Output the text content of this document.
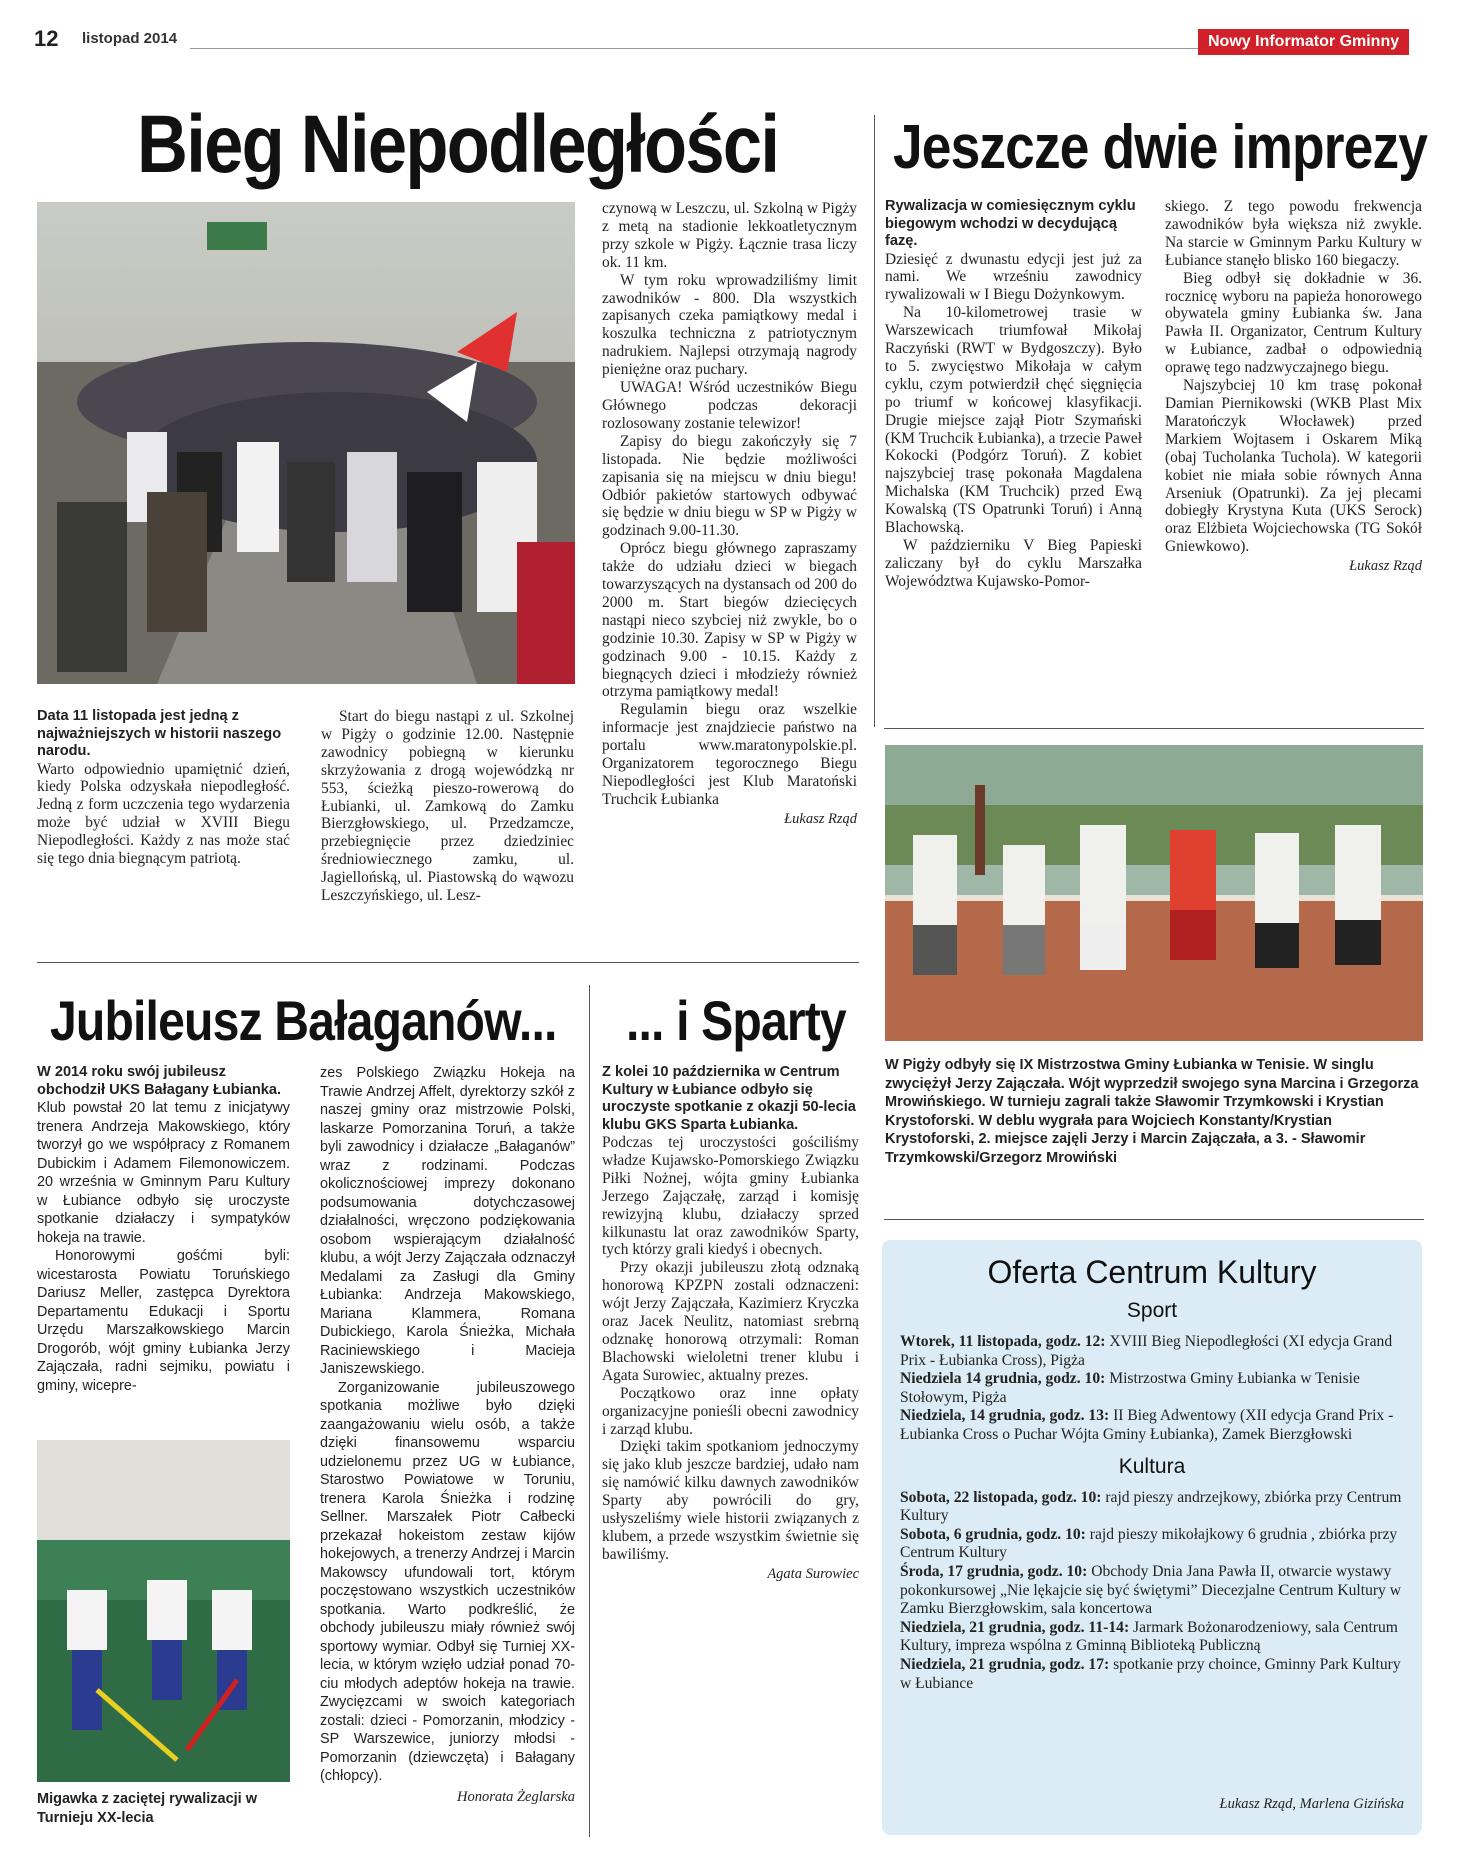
12 listopad 2014	Nowy Informator Gminny
Bieg Niepodległości

Data 11 listopada jest jedną z najważniejszych w historii naszego narodu.

Warto odpowiednio upamiętnić dzień, kiedy Polska odzyskała niepodległość. Jedną z form uczczenia tego wydarzenia może być udział w XVIII Biegu Niepodległości. Każdy z nas może stać się tego dnia biegnącym patriotą.

Start do biegu nastąpi z ul. Szkolnej w Pigży o godzinie 12.00. Następnie zawodnicy pobiegną w kierunku skrzyżowania z drogą wojewódzką nr 553, ścieżką pieszo-rowerową do Łubianki, ul. Zamkową do Zamku Bierzgłowskiego, ul. Przedzamcze, przebiegnięcie przez dziedziniec średniowiecznego zamku, ul. Jagiellońską, ul. Piastowską do wąwozu Leszczyńskiego, ul. Lesz-

czynową w Leszczu, ul. Szkolną w Pigży z metą na stadionie lekkoatletycznym przy szkole w Pigży. Łącznie trasa liczy ok. 11 km.

W tym roku wprowadziliśmy limit zawodników - 800. Dla wszystkich zapisanych czeka pamiątkowy medal i koszulka techniczna z patriotycznym nadrukiem. Najlepsi otrzymają nagrody pieniężne oraz puchary.

UWAGA! Wśród uczestników Biegu Głównego podczas dekoracji rozlosowany zostanie telewizor!

Zapisy do biegu zakończyły się 7 listopada. Nie będzie możliwości zapisania się na miejscu w dniu biegu! Odbiór pakietów startowych odbywać się będzie w dniu biegu w SP w Pigży w godzinach 9.00-11.30.

Oprócz biegu głównego zapraszamy także do udziału dzieci w biegach towarzyszących na dystansach od 200 do 2000 m. Start biegów dziecięcych nastąpi nieco szybciej niż zwykle, bo o godzinie 10.30. Zapisy w SP w Pigży w godzinach 9.00 - 10.15. Każdy z biegnących dzieci i młodzieży również otrzyma pamiątkowy medal!

Regulamin biegu oraz wszelkie informacje jest znajdziecie państwo na portalu www.maratonypolskie.pl. Organizatorem tegorocznego Biegu Niepodległości jest Klub Maratoński Truchcik Łubianka

Łukasz Rząd
Jeszcze dwie imprezy

Rywalizacja w comiesięcznym cyklu biegowym wchodzi w decydującą fazę.

Dziesięć z dwunastu edycji jest już za nami. We wrześniu zawodnicy rywalizowali w I Biegu Dożynkowym.

Na 10-kilometrowej trasie w Warszewicach triumfował Mikołaj Raczyński (RWT w Bydgoszczy). Było to 5. zwycięstwo Mikołaja w całym cyklu, czym potwierdził chęć sięgnięcia po triumf w końcowej klasyfikacji. Drugie miejsce zajął Piotr Szymański (KM Truchcik Łubianka), a trzecie Paweł Kokocki (Podgórz Toruń). Z kobiet najszybciej trasę pokonała Magdalena Michalska (KM Truchcik) przed Ewą Kowalską (TS Opatrunki Toruń) i Anną Blachowską.

W październiku V Bieg Papieski zaliczany był do cyklu Marszałka Województwa Kujawsko-Pomor-

skiego. Z tego powodu frekwencja zawodników była większa niż zwykle. Na starcie w Gminnym Parku Kultury w Łubiance stanęło blisko 160 biegaczy.

Bieg odbył się dokładnie w 36. rocznicę wyboru na papieża honorowego obywatela gminy Łubianka św. Jana Pawła II. Organizator, Centrum Kultury w Łubiance, zadbał o odpowiednią oprawę tego nadzwyczajnego biegu.

Najszybciej 10 km trasę pokonał Damian Piernikowski (WKB Plast Mix Maratończyk Włocławek) przed Markiem Wojtasem i Oskarem Miką (obaj Tucholanka Tuchola). W kategorii kobiet nie miała sobie równych Anna Arseniuk (Opatrunki). Za jej plecami dobiegły Krystyna Kuta (UKS Serock) oraz Elżbieta Wojciechowska (TG Sokół Gniewkowo).

Łukasz Rząd
W Pigży odbyły się IX Mistrzostwa Gminy Łubianka w Tenisie. W singlu zwyciężył Jerzy Zajączała. Wójt wyprzedził swojego syna Marcina i Grzegorza Mrowińskiego. W turnieju zagrali także Sławomir Trzymkowski i Krystian Krystoforski. W deblu wygrała para Wojciech Konstanty/Krystian Krystoforski, 2. miejsce zajęli Jerzy i Marcin Zajączała, a 3. - Sławomir Trzymkowski/Grzegorz Mrowiński
Jubileusz Bałaganów...

W 2014 roku swój jubileusz obchodził UKS Bałagany Łubianka.

Klub powstał 20 lat temu z inicjatywy trenera Andrzeja Makowskiego, który tworzył go we współpracy z Romanem Dubickim i Adamem Filemonowiczem. 20 września w Gminnym Paru Kultury w Łubiance odbyło się uroczyste spotkanie działaczy i sympatyków hokeja na trawie.

Honorowymi gośćmi byli: wicestarosta Powiatu Toruńskiego Dariusz Meller, zastępca Dyrektora Departamentu Edukacji i Sportu Urzędu Marszałkowskiego Marcin Drogorób, wójt gminy Łubianka Jerzy Zajączała, radni sejmiku, powiatu i gminy, wicepre-

Migawka z zaciętej rywalizacji w Turnieju XX-lecia

zes Polskiego Związku Hokeja na Trawie Andrzej Affelt, dyrektorzy szkół z naszej gminy oraz mistrzowie Polski, laskarze Pomorzanina Toruń, a także byli zawodnicy i działacze „Bałaganów” wraz z rodzinami. Podczas okolicznościowej imprezy dokonano podsumowania dotychczasowej działalności, wręczono podziękowania osobom wspierającym działalność klubu, a wójt Jerzy Zajączała odznaczył Medalami za Zasługi dla Gminy Łubianka: Andrzeja Makowskiego, Mariana Klammera, Romana Dubickiego, Karola Śnieżka, Michała Raciniewskiego i Macieja Janiszewskiego.

Zorganizowanie jubileuszowego spotkania możliwe było dzięki zaangażowaniu wielu osób, a także dzięki finansowemu wsparciu udzielonemu przez UG w Łubiance, Starostwo Powiatowe w Toruniu, trenera Karola Śnieżka i rodzinę Sellner. Marszałek Piotr Całbecki przekazał hokeistom zestaw kijów hokejowych, a trenerzy Andrzej i Marcin Makowscy ufundowali tort, którym poczęstowano wszystkich uczestników spotkania. Warto podkreślić, że obchody jubileuszu miały również swój sportowy wymiar. Odbył się Turniej XX-lecia, w którym wzięło udział ponad 70-ciu młodych adeptów hokeja na trawie. Zwycięzcami w swoich kategoriach zostali: dzieci - Pomorzanin, młodzicy - SP Warszewice, juniorzy młodsi - Pomorzanin (dziewczęta) i Bałagany (chłopcy).

Honorata Żeglarska
... i Sparty

Z kolei 10 października w Centrum Kultury w Łubiance odbyło się uroczyste spotkanie z okazji 50-lecia klubu GKS Sparta Łubianka.

Podczas tej uroczystości gościliśmy władze Kujawsko-Pomorskiego Związku Piłki Nożnej, wójta gminy Łubianka Jerzego Zajączałę, zarząd i komisję rewizyjną klubu, działaczy sprzed kilkunastu lat oraz zawodników Sparty, tych którzy grali kiedyś i obecnych.

Przy okazji jubileuszu złotą odznaką honorową KPZPN zostali odznaczeni: wójt Jerzy Zajączała, Kazimierz Kryczka oraz Jacek Neulitz, natomiast srebrną odznakę honorową otrzymali: Roman Blachowski wieloletni trener klubu i Agata Surowiec, aktualny prezes.

Początkowo oraz inne opłaty organizacyjne ponieśli obecni zawodnicy i zarząd klubu.

Dzięki takim spotkaniom jednoczymy się jako klub jeszcze bardziej, udało nam się namówić kilku dawnych zawodników Sparty aby powrócili do gry, usłyszeliśmy wiele historii związanych z klubem, a przede wszystkim świetnie się bawiliśmy.

Agata Surowiec
Oferta Centrum Kultury
Sport
Wtorek, 11 listopada, godz. 12: XVIII Bieg Niepodległości (XI edycja Grand Prix - Łubianka Cross), Pigża
Niedziela 14 grudnia, godz. 10: Mistrzostwa Gminy Łubianka w Tenisie Stołowym, Pigża
Niedziela, 14 grudnia, godz. 13: II Bieg Adwentowy (XII edycja Grand Prix - Łubianka Cross o Puchar Wójta Gminy Łubianka), Zamek Bierzgłowski
Kultura
Sobota, 22 listopada, godz. 10: rajd pieszy andrzejkowy, zbiórka przy Centrum Kultury
Sobota, 6 grudnia, godz. 10: rajd pieszy mikołajkowy 6 grudnia , zbiórka przy Centrum Kultury
Środa, 17 grudnia, godz. 10: Obchody Dnia Jana Pawła II, otwarcie wystawy pokonkursowej „Nie lękajcie się być świętymi” Diecezjalne Centrum Kultury w Zamku Bierzgłowskim, sala koncertowa
Niedziela, 21 grudnia, godz. 11-14: Jarmark Bożonarodzeniowy, sala Centrum Kultury, impreza wspólna z Gminną Biblioteką Publiczną
Niedziela, 21 grudnia, godz. 17: spotkanie przy choince, Gminny Park Kultury w Łubiance
Łukasz Rząd, Marlena Gizińska
